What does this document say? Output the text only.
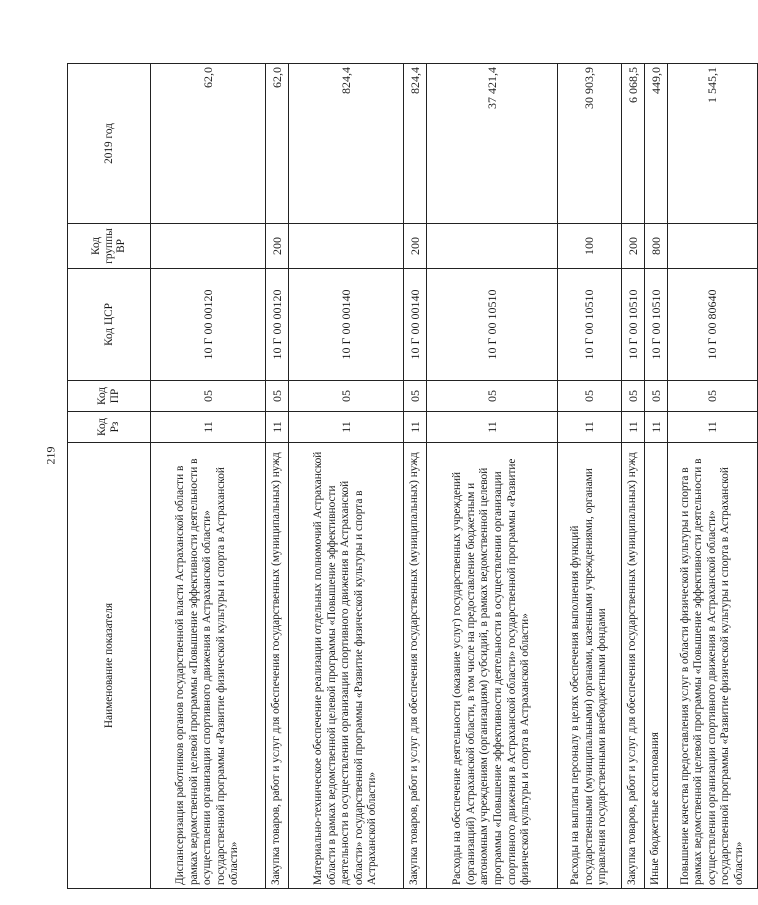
219
Наименование показателя	Код Рз	Код ПР	Код ЦСР	Код группы ВР	2019 год
Диспансеризация работников органов государственной власти Астраханской области в рамках ведомственной целевой программы «Повышение эффективности деятельности в осуществлении организации спортивного движения в Астраханской области» государственной программы «Развитие физической культуры и спорта в Астраханской области»	11	05	10 Г 00 00120		62,0
Закупка товаров, работ и услуг для обеспечения государственных (муниципальных) нужд	11	05	10 Г 00 00120	200	62,0
Материально-техническое обеспечение реализации отдельных полномочий Астраханской области в рамках ведомственной целевой программы «Повышение эффективности деятельности в осуществлении организации спортивного движения в Астраханской области» государственной программы «Развитие физической культуры и спорта в Астраханской области»	11	05	10 Г 00 00140		824,4
Закупка товаров, работ и услуг для обеспечения государственных (муниципальных) нужд	11	05	10 Г 00 00140	200	824,4
Расходы на обеспечение деятельности (оказание услуг) государственных учреждений (организаций) Астраханской области, в том числе на предоставление бюджетным и автономным учреждениям (организациям) субсидий, в рамках ведомственной целевой программы «Повышение эффективности деятельности в осуществлении организации спортивного движения в Астраханской области» государственной программы «Развитие физической культуры и спорта в Астраханской области»	11	05	10 Г 00 10510		37 421,4
Расходы на выплаты персоналу в целях обеспечения выполнения функций государственными (муниципальными) органами, казенными учреждениями, органами управления государственными внебюджетными фондами	11	05	10 Г 00 10510	100	30 903,9
Закупка товаров, работ и услуг для обеспечения государственных (муниципальных) нужд	11	05	10 Г 00 10510	200	6 068,5
Иные бюджетные ассигнования	11	05	10 Г 00 10510	800	449,0
Повышение качества предоставления услуг в области физической культуры и спорта в рамках ведомственной целевой программы «Повышение эффективности деятельности в осуществлении организации спортивного движения в Астраханской области» государственной программы «Развитие физической культуры и спорта в Астраханской области»	11	05	10 Г 00 80640		1 545,1
